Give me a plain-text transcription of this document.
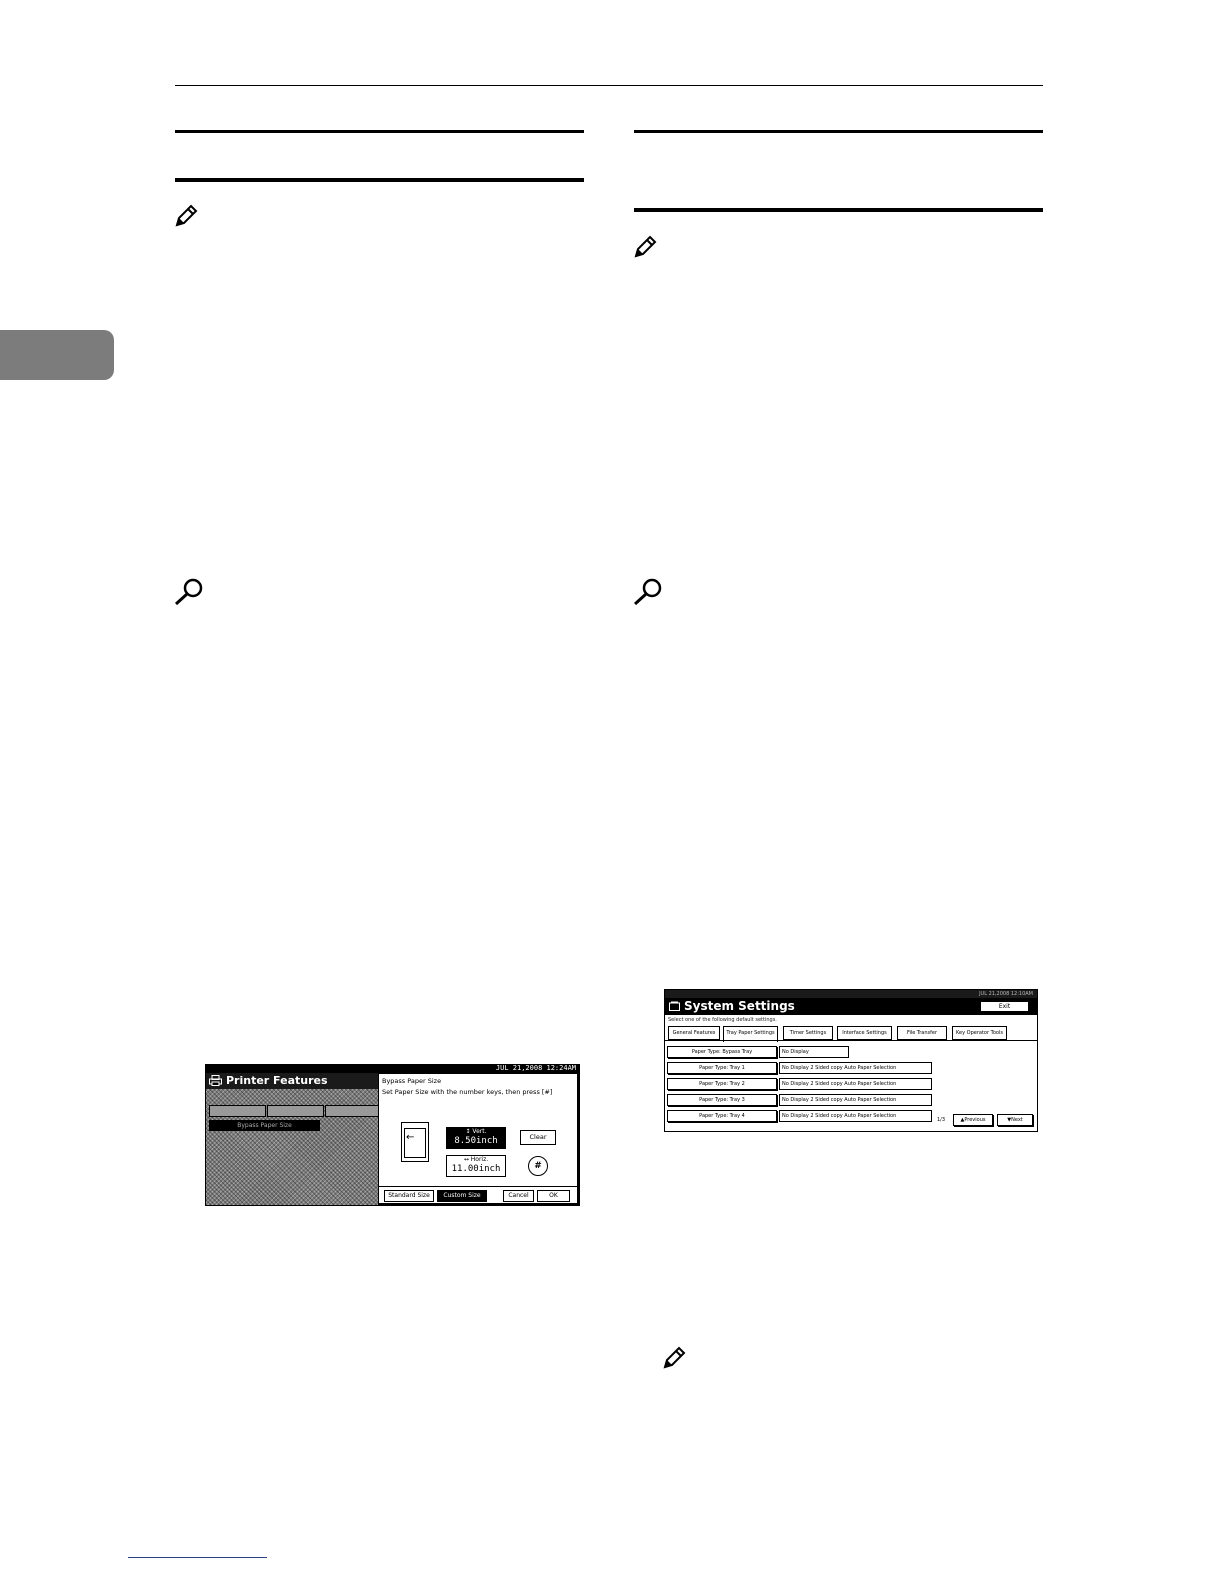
JUL 21,2008 12:24AM
Printer Features
Bypass Paper Size
Bypass Paper Size
Set Paper Size with the number keys, then press [#]
←
↕ Vert.
8.50inch
↔ Horiz.
11.00inch
Clear
#
Standard Size	Custom Size	Cancel	OK
JUL 21,2008 12:10AM
System Settings	Exit
Select one of the following default settings.
General Features	Tray Paper Settings	Timer Settings	Interface Settings	File Transfer	Key Operator Tools
Paper Type: Bypass Tray	No Display
Paper Type: Tray 1	No Display 2 Sided copy Auto Paper Selection
Paper Type: Tray 2	No Display 2 Sided copy Auto Paper Selection
Paper Type: Tray 3	No Display 2 Sided copy Auto Paper Selection
Paper Type: Tray 4	No Display 2 Sided copy Auto Paper Selection
1/3	▲Previous	▼Next
